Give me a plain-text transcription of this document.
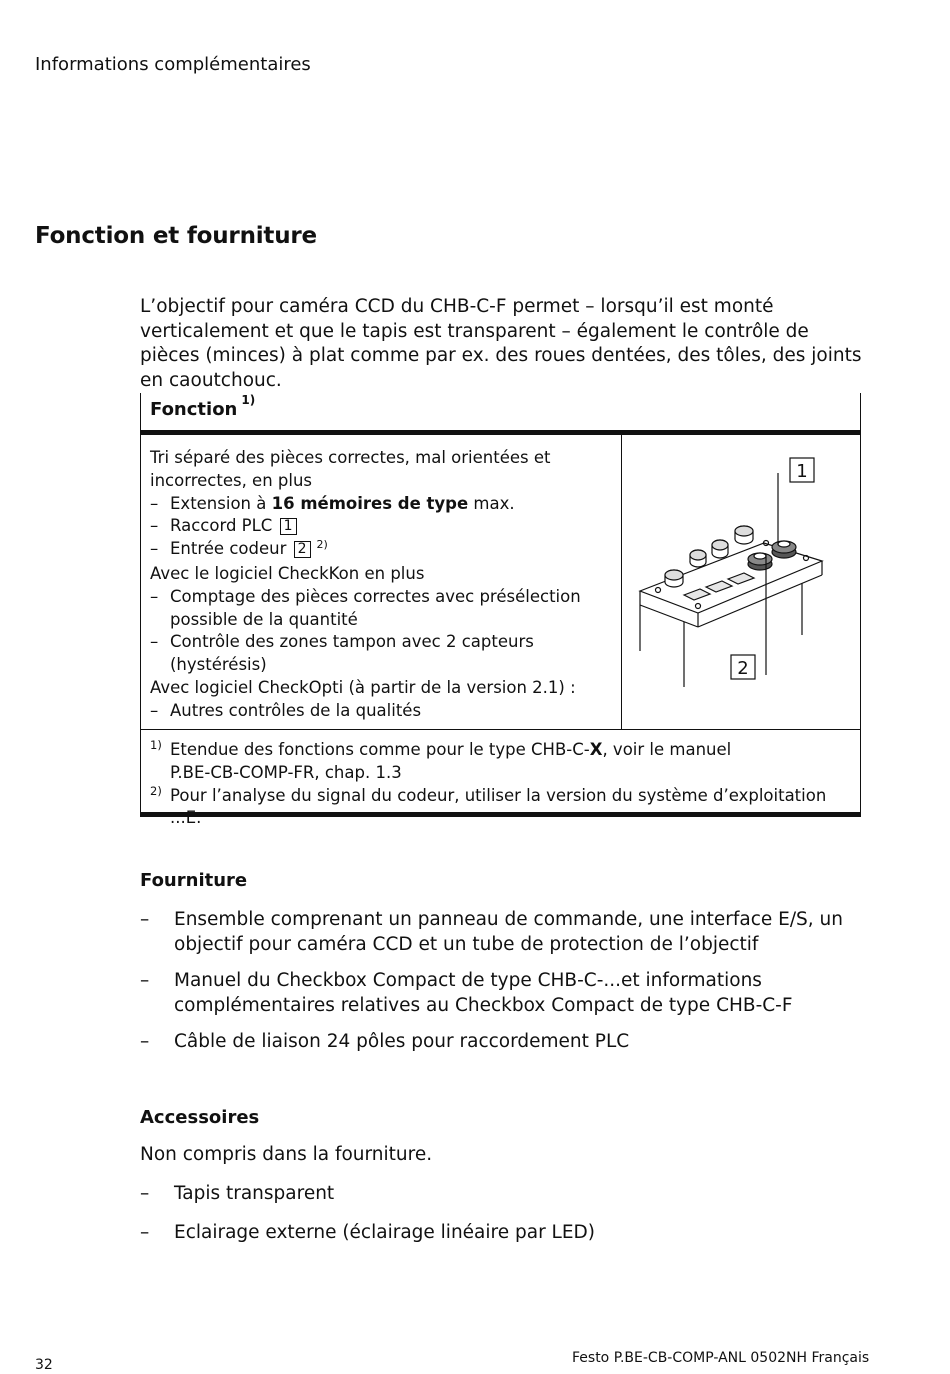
Informations complémentaires
Fonction et fourniture
L’objectif pour caméra CCD du CHB-C-F permet – lorsqu’il est monté verticalement et que le tapis est transparent – également le contrôle de pièces (minces) à plat comme par ex. des roues dentées, des tôles, des joints en caoutchouc.
Fonction $^{1)}$
Tri séparé des pièces correctes, mal orientées et
incorrectes, en plus
– Extension à 16 mémoires de type max.
– Raccord PLC 1
– Entrée codeur 2 $^{2)}$
Avec le logiciel CheckKon en plus
– Comptage des pièces correctes avec présélection
possible de la quantité
– Contrôle des zones tampon avec 2 capteurs
(hystérésis)
Avec logiciel CheckOpti (à partir de la version 2.1) :
– Autres contrôles de la qualités
1
2
1) Etendue des fonctions comme pour le type CHB-C-X, voir le manuel
P.BE-CB-COMP-FR, chap. 1.3
2) Pour l’analyse du signal du codeur, utiliser la version du système d’exploitation ...E.
Fourniture
– Ensemble comprenant un panneau de commande, une interface E/S, un objectif pour caméra CCD et un tube de protection de l’objectif
– Manuel du Checkbox Compact de type CHB-C-...et informations complémentaires relatives au Checkbox Compact de type CHB-C-F
– Câble de liaison 24 pôles pour raccordement PLC
Accessoires
Non compris dans la fourniture.
– Tapis transparent
– Eclairage externe (éclairage linéaire par LED)
32	Festo P.BE-CB-COMP-ANL 0502NH Français
